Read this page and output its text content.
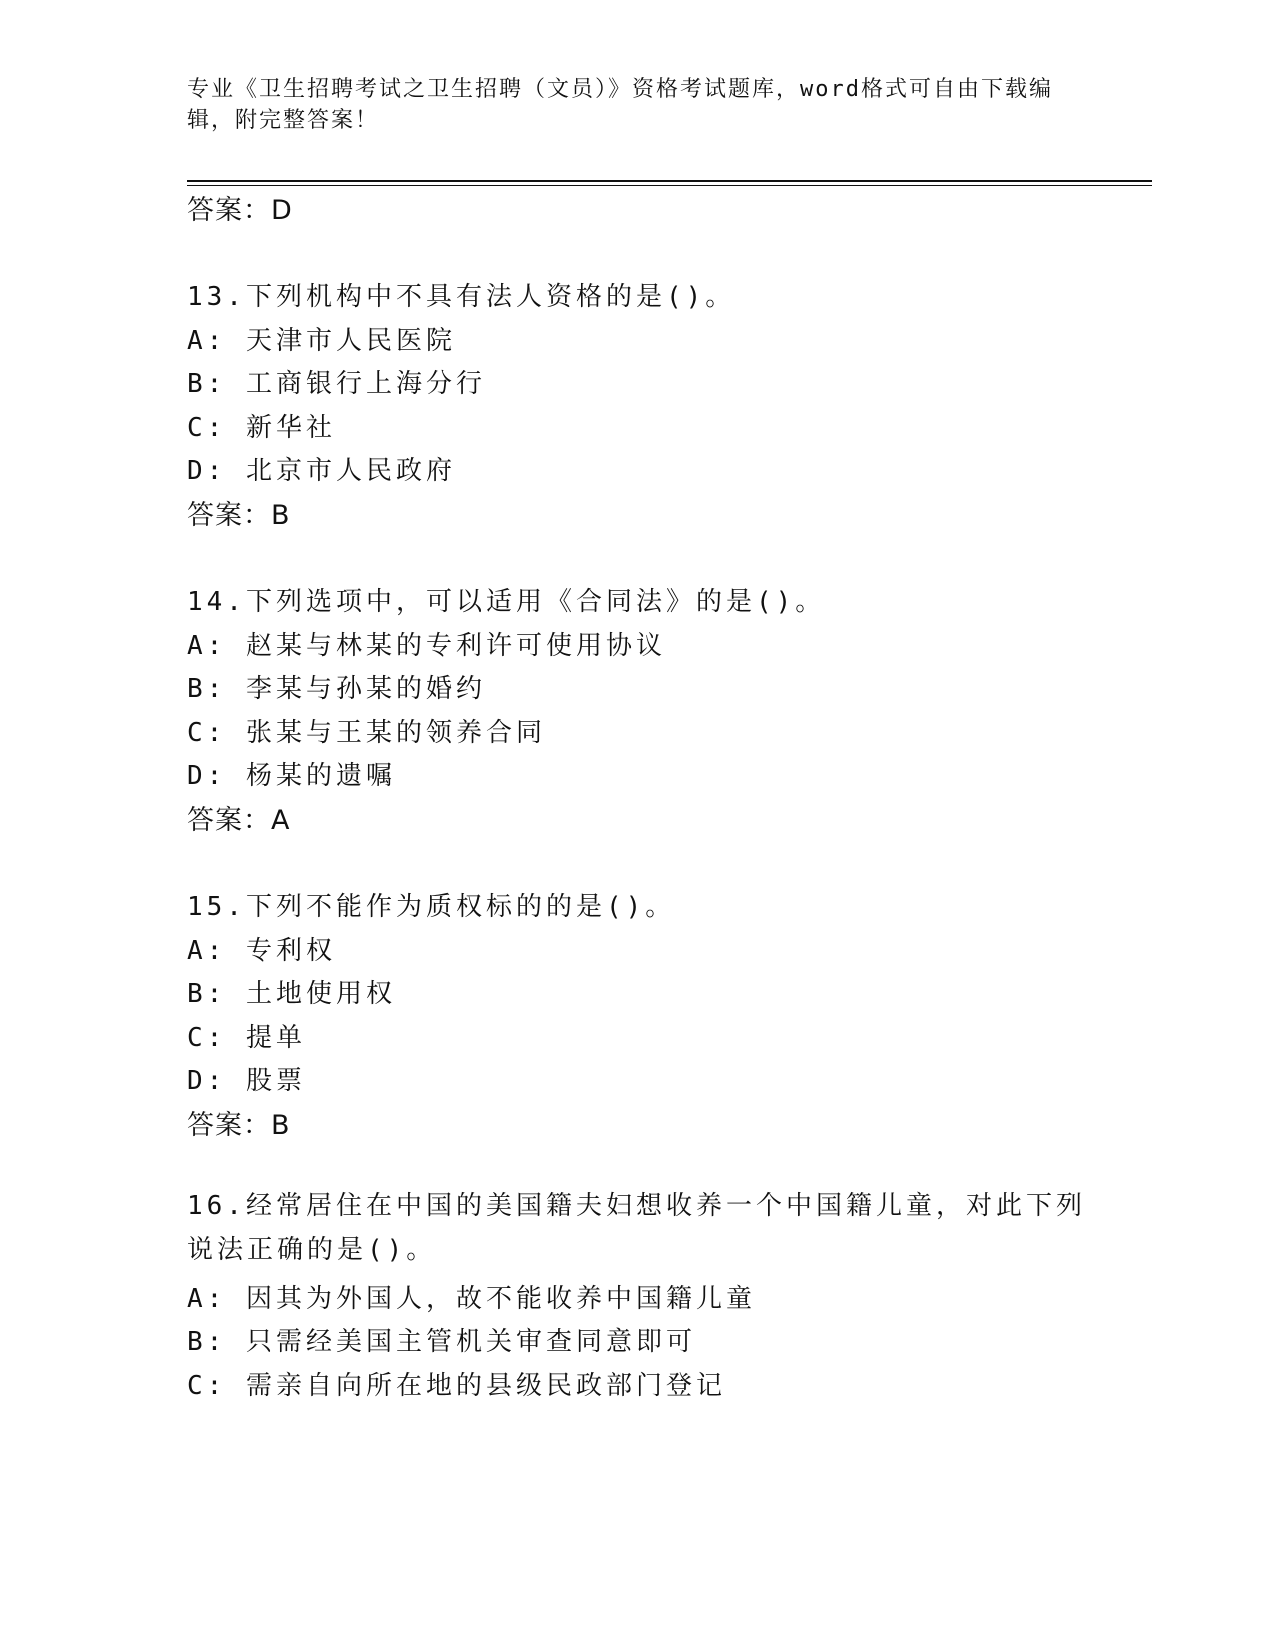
专业《卫生招聘考试之卫生招聘（文员）》资格考试题库，word格式可自由下载编辑，附完整答案！
答案：D
13.下列机构中不具有法人资格的是()。
A: 天津市人民医院
B: 工商银行上海分行
C: 新华社
D: 北京市人民政府
答案：B
14.下列选项中，可以适用《合同法》的是()。
A: 赵某与林某的专利许可使用协议
B: 李某与孙某的婚约
C: 张某与王某的领养合同
D: 杨某的遗嘱
答案：A
15.下列不能作为质权标的的是()。
A: 专利权
B: 土地使用权
C: 提单
D: 股票
答案：B
16.经常居住在中国的美国籍夫妇想收养一个中国籍儿童，对此下列说法正确的是()。
A: 因其为外国人，故不能收养中国籍儿童
B: 只需经美国主管机关审查同意即可
C: 需亲自向所在地的县级民政部门登记
